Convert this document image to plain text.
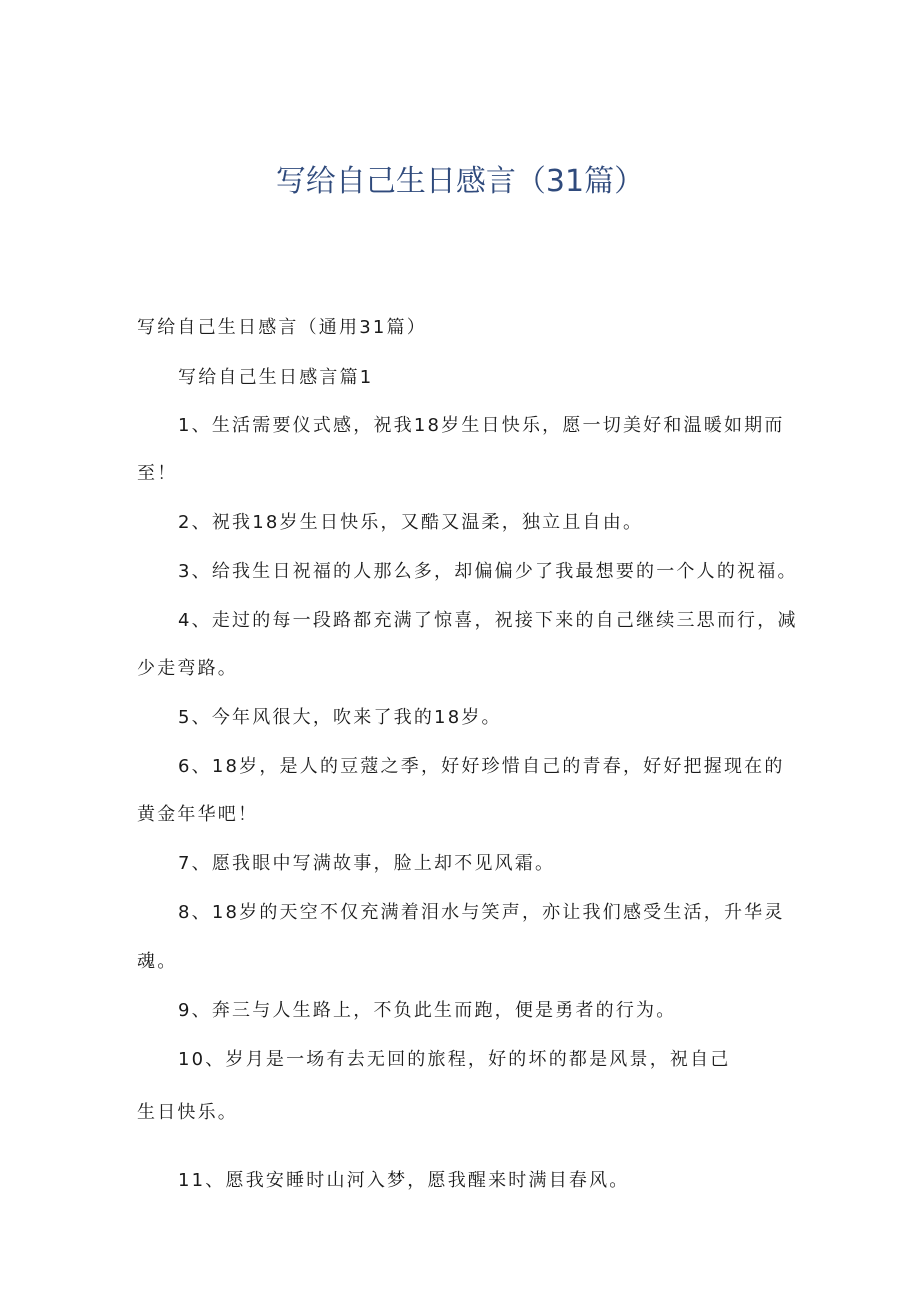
写给自己生日感言（31篇）
写给自己生日感言（通用31篇）
写给自己生日感言篇1
1、生活需要仪式感，祝我18岁生日快乐，愿一切美好和温暖如期而
至！
2、祝我18岁生日快乐，又酷又温柔，独立且自由。
3、给我生日祝福的人那么多，却偏偏少了我最想要的一个人的祝福。
4、走过的每一段路都充满了惊喜，祝接下来的自己继续三思而行，减
少走弯路。
5、今年风很大，吹来了我的18岁。
6、18岁，是人的豆蔻之季，好好珍惜自己的青春，好好把握现在的
黄金年华吧！
7、愿我眼中写满故事，脸上却不见风霜。
8、18岁的天空不仅充满着泪水与笑声，亦让我们感受生活，升华灵
魂。
9、奔三与人生路上，不负此生而跑，便是勇者的行为。
10、岁月是一场有去无回的旅程，好的坏的都是风景，祝自己
生日快乐。
11、愿我安睡时山河入梦，愿我醒来时满目春风。
